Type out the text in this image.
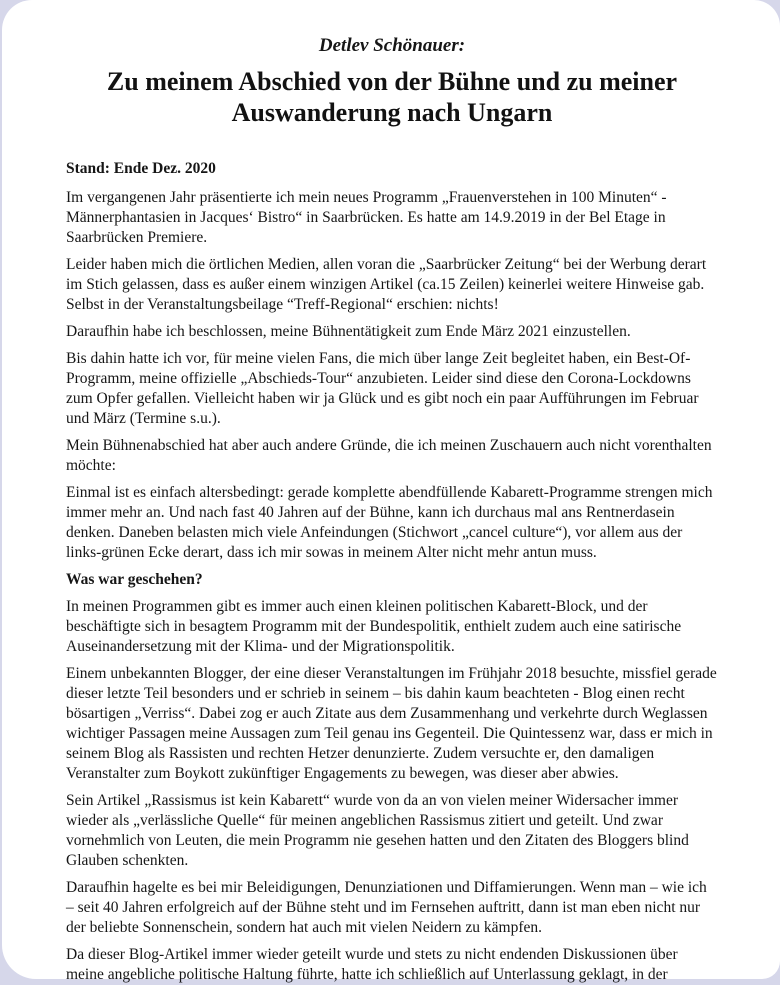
Detlev Schönauer:
Zu meinem Abschied von der Bühne und zu meiner
Auswanderung nach Ungarn
Stand: Ende Dez. 2020

Im vergangenen Jahr präsentierte ich mein neues Programm „Frauenverstehen in 100 Minuten“ - Männerphantasien in Jacques‘ Bistro“ in Saarbrücken. Es hatte am 14.9.2019 in der Bel Etage in Saarbrücken Premiere.

Leider haben mich die örtlichen Medien, allen voran die „Saarbrücker Zeitung“ bei der Werbung derart im Stich gelassen, dass es außer einem winzigen Artikel (ca.15 Zeilen) keinerlei weitere Hinweise gab. Selbst in der Veranstaltungsbeilage “Treff-Regional“ erschien: nichts!

Daraufhin habe ich beschlossen, meine Bühnentätigkeit zum Ende März 2021 einzustellen.

Bis dahin hatte ich vor, für meine vielen Fans, die mich über lange Zeit begleitet haben, ein Best-Of-Programm, meine offizielle „Abschieds-Tour“ anzubieten. Leider sind diese den Corona-Lockdowns zum Opfer gefallen. Vielleicht haben wir ja Glück und es gibt noch ein paar Aufführungen im Februar und März (Termine s.u.).

Mein Bühnenabschied hat aber auch andere Gründe, die ich meinen Zuschauern auch nicht vorenthalten möchte:

Einmal ist es einfach altersbedingt: gerade komplette abendfüllende Kabarett-Programme strengen mich immer mehr an. Und nach fast 40 Jahren auf der Bühne, kann ich durchaus mal ans Rentnerdasein denken. Daneben belasten mich viele Anfeindungen (Stichwort „cancel culture“), vor allem aus der links-grünen Ecke derart, dass ich mir sowas in meinem Alter nicht mehr antun muss.

Was war geschehen?

In meinen Programmen gibt es immer auch einen kleinen politischen Kabarett-Block, und der beschäftigte sich in besagtem Programm mit der Bundespolitik, enthielt zudem auch eine satirische Auseinandersetzung mit der Klima- und der Migrationspolitik.

Einem unbekannten Blogger, der eine dieser Veranstaltungen im Frühjahr 2018 besuchte, missfiel gerade dieser letzte Teil besonders und er schrieb in seinem – bis dahin kaum beachteten - Blog einen recht bösartigen „Verriss“. Dabei zog er auch Zitate aus dem Zusammenhang und verkehrte durch Weglassen wichtiger Passagen meine Aussagen zum Teil genau ins Gegenteil. Die Quintessenz war, dass er mich in seinem Blog als Rassisten und rechten Hetzer denunzierte. Zudem versuchte er, den damaligen Veranstalter zum Boykott zukünftiger Engagements zu bewegen, was dieser aber abwies.

Sein Artikel „Rassismus ist kein Kabarett“ wurde von da an von vielen meiner Widersacher immer wieder als „verlässliche Quelle“ für meinen angeblichen Rassismus zitiert und geteilt. Und zwar vornehmlich von Leuten, die mein Programm nie gesehen hatten und den Zitaten des Bloggers blind Glauben schenkten.

Daraufhin hagelte es bei mir Beleidigungen, Denunziationen und Diffamierungen. Wenn man – wie ich – seit 40 Jahren erfolgreich auf der Bühne steht und im Fernsehen auftritt, dann ist man eben nicht nur der beliebte Sonnenschein, sondern hat auch mit vielen Neidern zu kämpfen.

Da dieser Blog-Artikel immer wieder geteilt wurde und stets zu nicht endenden Diskussionen über meine angebliche politische Haltung führte, hatte ich schließlich auf Unterlassung geklagt, in der
